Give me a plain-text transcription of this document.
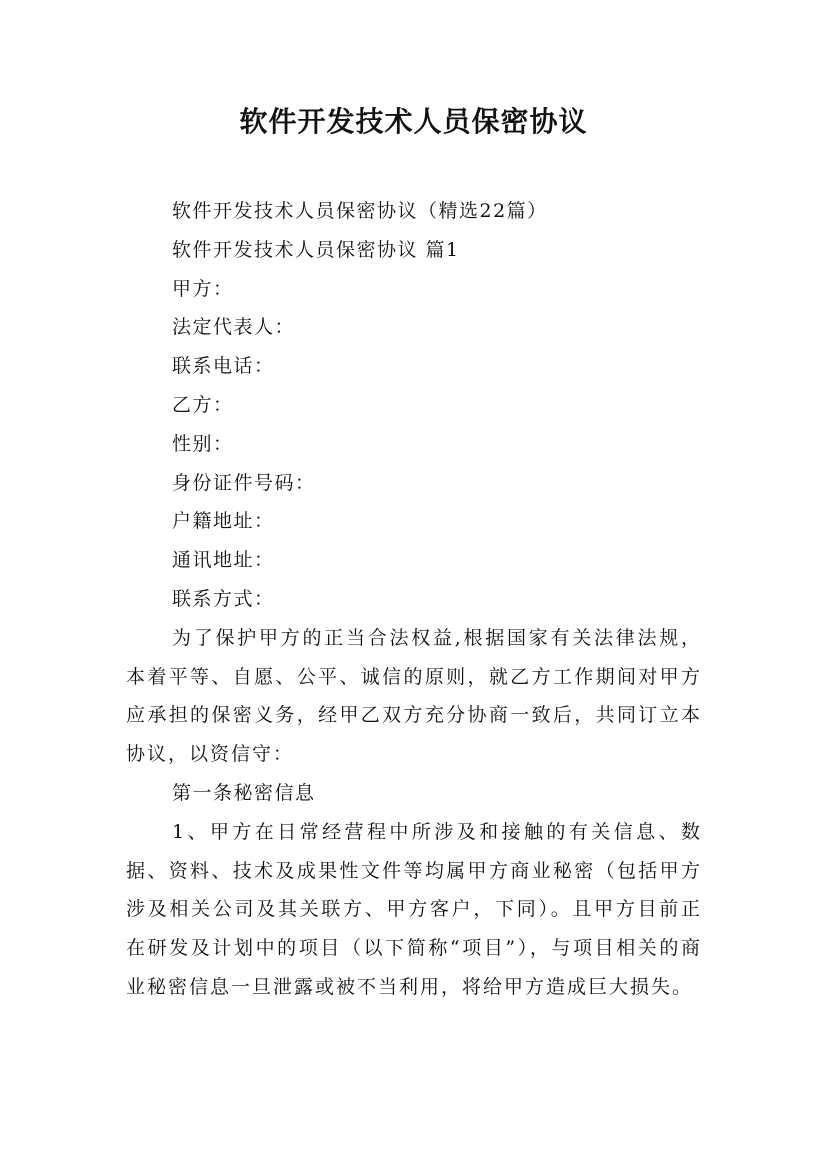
软件开发技术人员保密协议

软件开发技术人员保密协议（精选22篇）

软件开发技术人员保密协议 篇1

甲方：

法定代表人：

联系电话：

乙方：

性别：

身份证件号码：

户籍地址：

通讯地址：

联系方式：

为了保护甲方的正当合法权益,根据国家有关法律法规，本着平等、自愿、公平、诚信的原则，就乙方工作期间对甲方应承担的保密义务，经甲乙双方充分协商一致后，共同订立本协议，以资信守：

第一条秘密信息

1、甲方在日常经营程中所涉及和接触的有关信息、数据、资料、技术及成果性文件等均属甲方商业秘密（包括甲方涉及相关公司及其关联方、甲方客户，下同）。且甲方目前正在研发及计划中的项目（以下简称“项目”），与项目相关的商业秘密信息一旦泄露或被不当利用，将给甲方造成巨大损失。
